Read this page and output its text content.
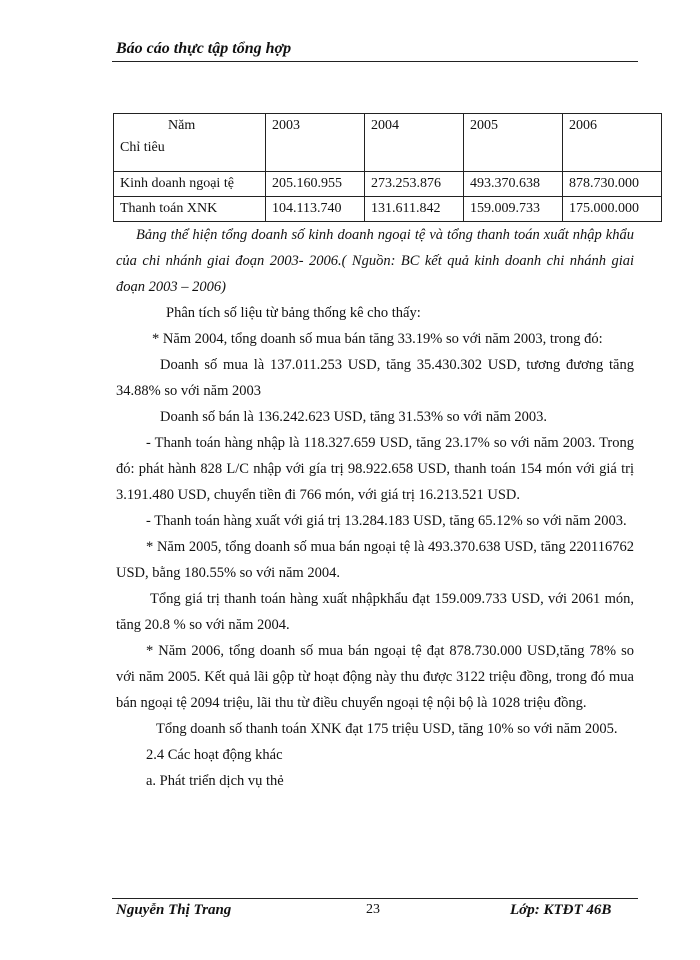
Báo cáo thực tập tổng hợp
Năm
Chỉ tiêu	2003	2004	2005	2006
Kinh doanh ngoại tệ	205.160.955	273.253.876	493.370.638	878.730.000
Thanh toán XNK	104.113.740	131.611.842	159.009.733	175.000.000

Bảng thể hiện tổng doanh số kinh doanh ngoại tệ và tổng thanh toán xuất nhập khẩu của chi nhánh giai đoạn 2003- 2006.( Nguồn: BC kết quả kinh doanh chi nhánh giai đoạn 2003 – 2006)

Phân tích số liệu từ bảng thống kê cho thấy:

* Năm 2004, tổng doanh số mua bán tăng 33.19% so với năm 2003, trong đó:

Doanh số mua là 137.011.253 USD, tăng 35.430.302 USD, tương đương tăng 34.88% so với năm 2003

Doanh số bán là 136.242.623 USD, tăng 31.53% so với năm 2003.

- Thanh toán hàng nhập là 118.327.659 USD, tăng 23.17% so với năm 2003. Trong đó: phát hành 828 L/C nhập với gía trị 98.922.658 USD, thanh toán 154 món với giá trị 3.191.480 USD, chuyển tiền đi 766 món, với giá trị 16.213.521 USD.

- Thanh toán hàng xuất với giá trị 13.284.183 USD, tăng 65.12% so với năm 2003.

* Năm 2005, tổng doanh số mua bán ngoại tệ là 493.370.638 USD, tăng 220116762 USD, bằng 180.55% so với năm 2004.

Tổng giá trị thanh toán hàng xuất nhậpkhẩu đạt 159.009.733 USD, với 2061 món, tăng 20.8 % so với năm 2004.

* Năm 2006, tổng doanh số mua bán ngoại tệ đạt 878.730.000 USD,tăng 78% so với năm 2005. Kết quả lãi gộp từ hoạt động này thu được 3122 triệu đồng, trong đó mua bán ngoại tệ 2094 triệu, lãi thu từ điều chuyển ngoại tệ nội bộ là 1028 triệu đồng.

Tổng doanh số thanh toán XNK đạt 175 triệu USD, tăng 10% so với năm 2005.

2.4 Các hoạt động khác

a. Phát triển dịch vụ thẻ

Nguyễn Thị Trang	23	Lớp: KTĐT 46B
